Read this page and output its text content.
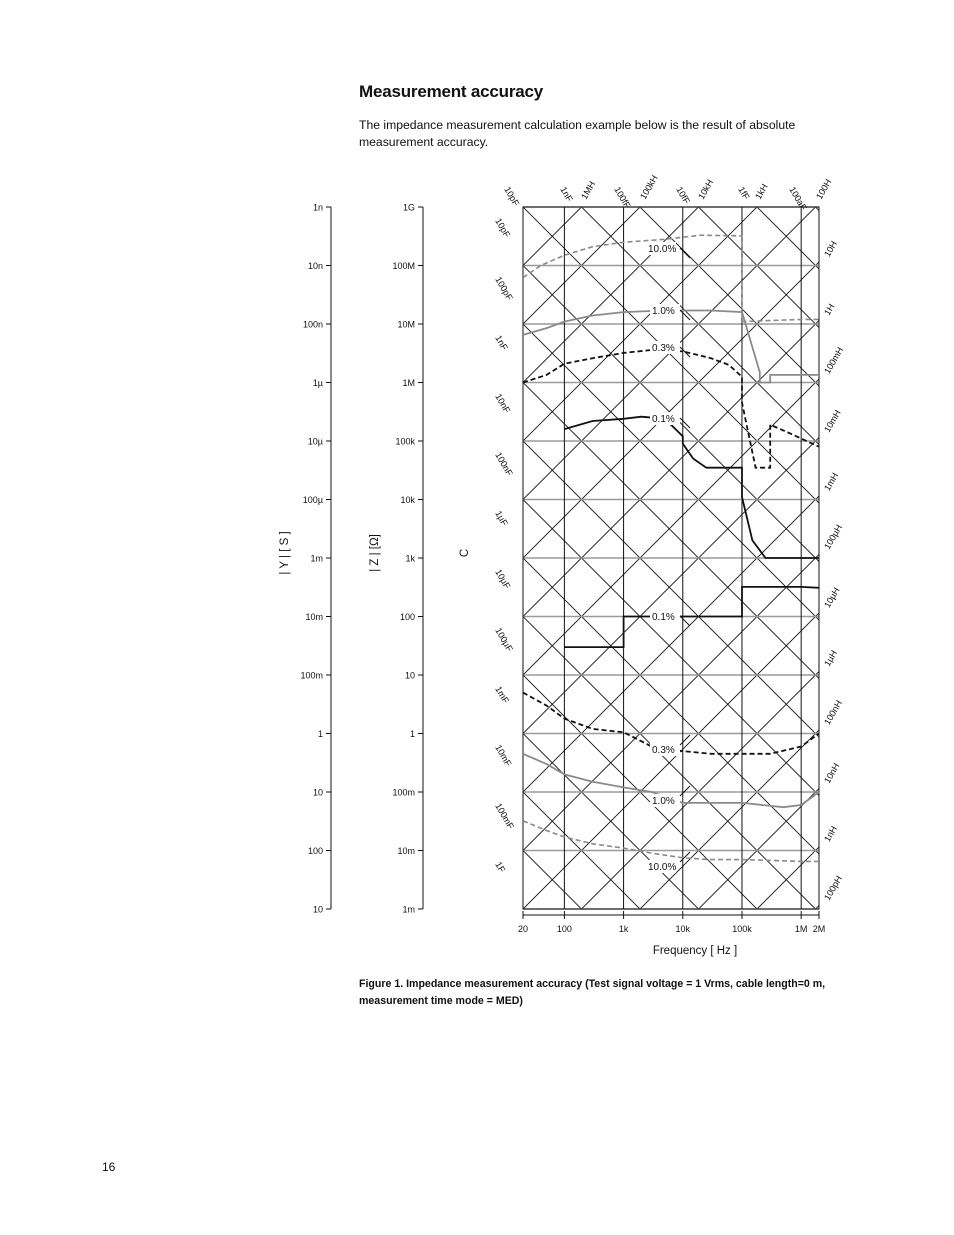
Measurement accuracy

The impedance measurement calculation example below is the result of absolute measurement accuracy.

20	100	1k	10k	100k	1M 2M
Frequency [ Hz ]
1n
10n
100n
1µ
10µ
100µ
1m
10m
100m
1
10
100
10
1G
100M
10M
1M
100k
10k
1k
100
10
1
100m
10m
1m
| Y | [ S ]	| Z | [Ω]	C
10pF
100pF
1nF
10nF
100nF
1µF
10µF
100µF
1mF
10mF
100mF
1F
10pF	1nF	100fF	10fF	1fF	100aF
1MH	100kH	10kH	1kH	100H
10H
1H
100mH
10mH
1mH
100µH
10µH
1µH
100nH
10nH
1nH
100pH
10.0%
1.0%
0.3%
0.1%
0.1%
0.3%
1.0%
10.0%

Figure 1. Impedance measurement accuracy (Test signal voltage = 1 Vrms, cable length=0 m,
measurement time mode = MED)

16
